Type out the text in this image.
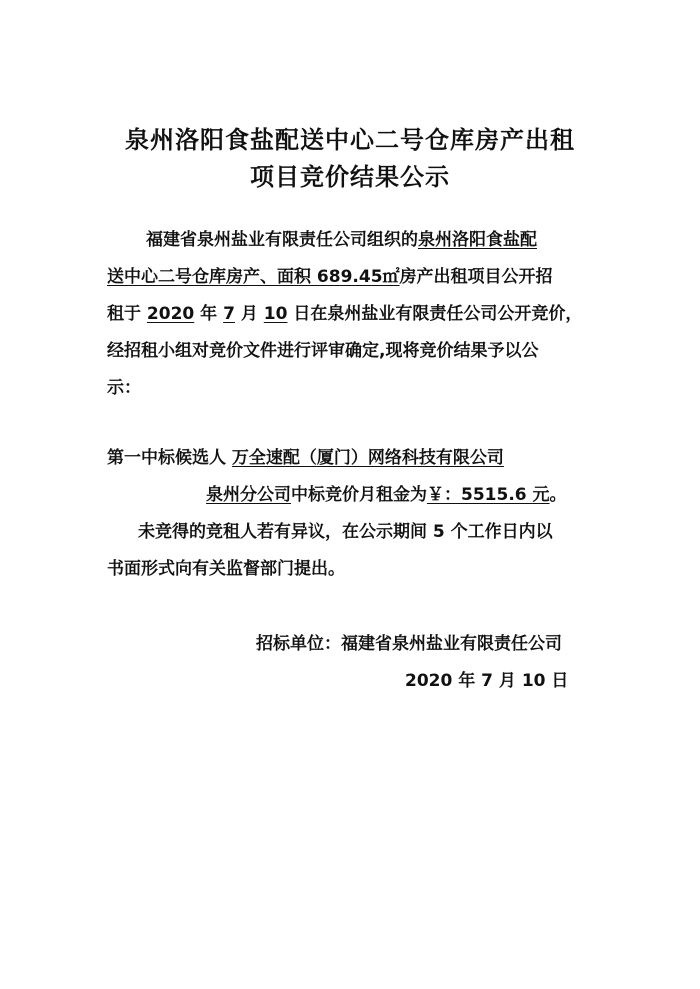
泉州洛阳食盐配送中心二号仓库房产出租
项目竞价结果公示
福建省泉州盐业有限责任公司组织的泉州洛阳食盐配
送中心二号仓库房产、面积 689.45㎡房产出租项目公开招
租于 2020 年 7 月 10 日在泉州盐业有限责任公司公开竞价，
经招租小组对竞价文件进行评审确定,现将竞价结果予以公
示：
第一中标候选人 万全速配（厦门）网络科技有限公司
泉州分公司中标竞价月租金为￥：5515.6 元。
未竞得的竞租人若有异议，在公示期间 5 个工作日内以
书面形式向有关监督部门提出。
招标单位：福建省泉州盐业有限责任公司
2020 年 7 月 10 日
